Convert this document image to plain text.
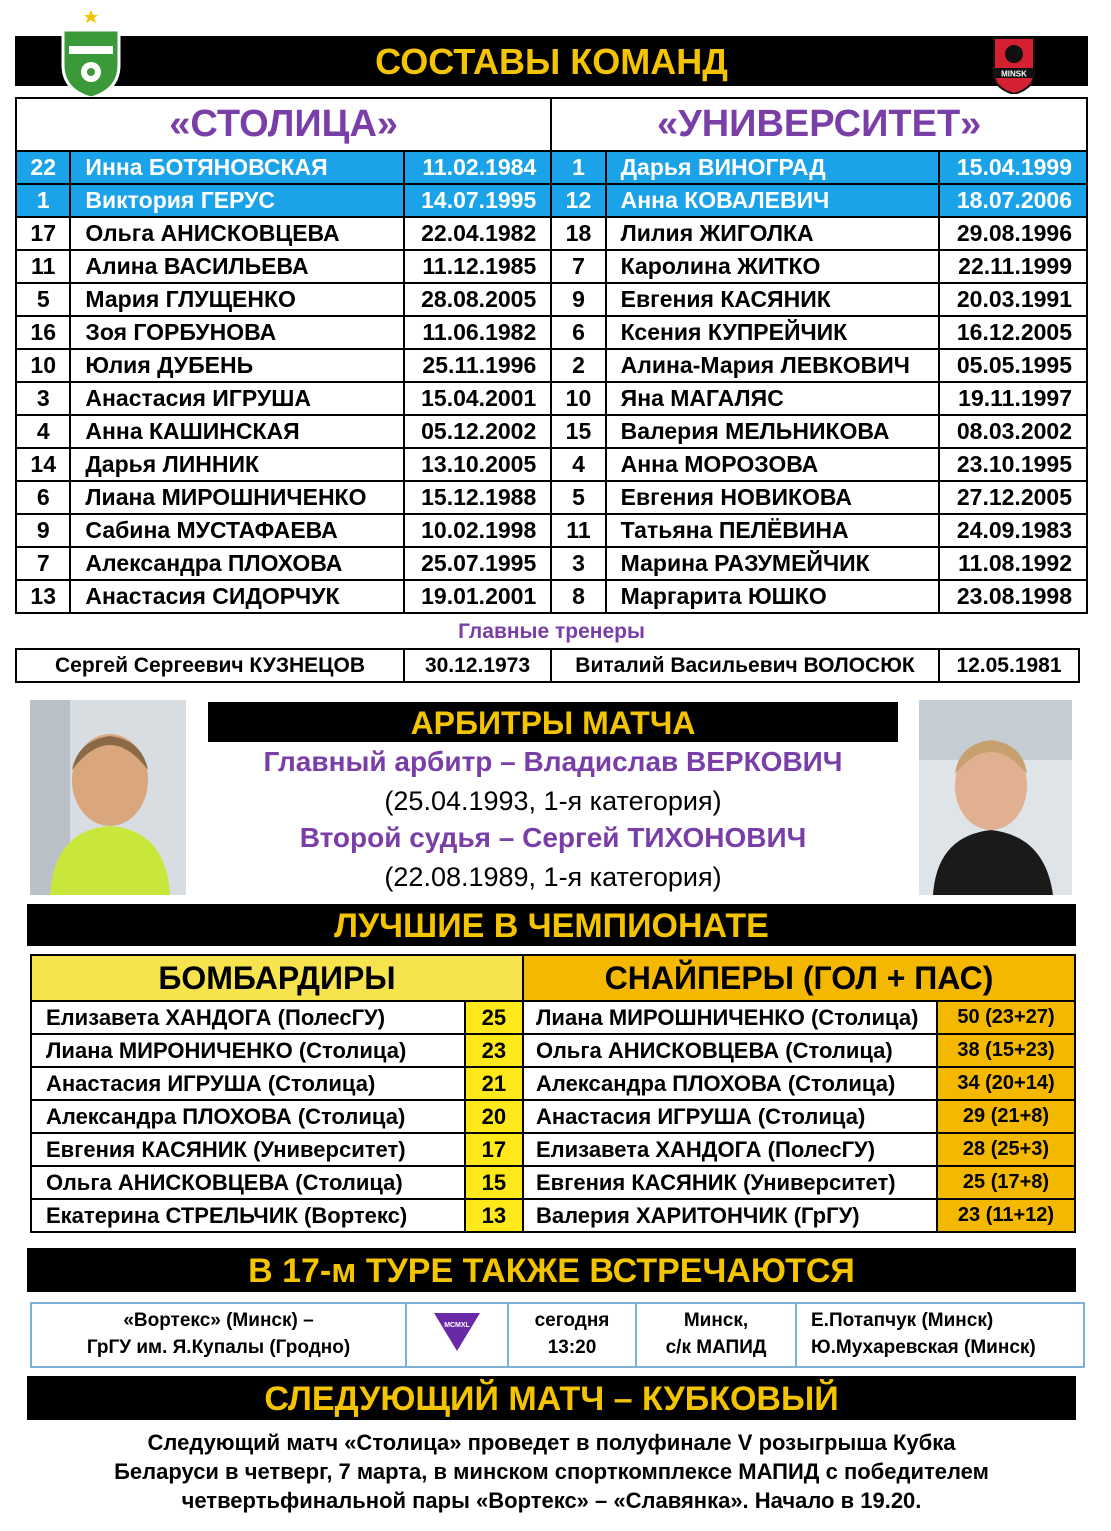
СОСТАВЫ КОМАНД	MINSK
«СТОЛИЦА»			«УНИВЕРСИТЕТ»		
22	Инна БОТЯНОВСКАЯ	11.02.1984	1	Дарья ВИНОГРАД	15.04.1999
1	Виктория ГЕРУС	14.07.1995	12	Анна КОВАЛЕВИЧ	18.07.2006
17	Ольга АНИСКОВЦЕВА	22.04.1982	18	Лилия ЖИГОЛКА	29.08.1996
11	Алина ВАСИЛЬЕВА	11.12.1985	7	Каролина ЖИТКО	22.11.1999
5	Мария ГЛУЩЕНКО	28.08.2005	9	Евгения КАСЯНИК	20.03.1991
16	Зоя ГОРБУНОВА	11.06.1982	6	Ксения КУПРЕЙЧИК	16.12.2005
10	Юлия ДУБЕНЬ	25.11.1996	2	Алина-Мария ЛЕВКОВИЧ	05.05.1995
3	Анастасия ИГРУША	15.04.2001	10	Яна МАГАЛЯС	19.11.1997
4	Анна КАШИНСКАЯ	05.12.2002	15	Валерия МЕЛЬНИКОВА	08.03.2002
14	Дарья ЛИННИК	13.10.2005	4	Анна МОРОЗОВА	23.10.1995
6	Лиана МИРОШНИЧЕНКО	15.12.1988	5	Евгения НОВИКОВА	27.12.2005
9	Сабина МУСТАФАЕВА	10.02.1998	11	Татьяна ПЕЛЁВИНА	24.09.1983
7	Александра ПЛОХОВА	25.07.1995	3	Марина РАЗУМЕЙЧИК	11.08.1992
13	Анастасия СИДОРЧУК	19.01.2001	8	Маргарита ЮШКО	23.08.1998
Главные тренеры
Сергей Сергеевич КУЗНЕЦОВ	30.12.1973	Виталий Васильевич ВОЛОСЮК	12.05.1981
АРБИТРЫ МАТЧА
Главный арбитр – Владислав ВЕРКОВИЧ
(25.04.1993, 1-я категория)
Второй судья – Сергей ТИХОНОВИЧ
(22.08.1989, 1-я категория)
ЛУЧШИЕ В ЧЕМПИОНАТЕ
БОМБАРДИРЫ		СНАЙПЕРЫ (ГОЛ + ПАС)	
Елизавета ХАНДОГА (ПолесГУ)	25	Лиана МИРОШНИЧЕНКО (Столица)	50 (23+27)
Лиана МИРОНИЧЕНКО (Столица)	23	Ольга АНИСКОВЦЕВА (Столица)	38 (15+23)
Анастасия ИГРУША (Столица)	21	Александра ПЛОХОВА (Столица)	34 (20+14)
Александра ПЛОХОВА (Столица)	20	Анастасия ИГРУША (Столица)	29 (21+8)
Евгения КАСЯНИК (Университет)	17	Елизавета ХАНДОГА (ПолесГУ)	28 (25+3)
Ольга АНИСКОВЦЕВА (Столица)	15	Евгения КАСЯНИК (Университет)	25 (17+8)
Екатерина СТРЕЛЬЧИК (Вортекс)	13	Валерия ХАРИТОНЧИК (ГрГУ)	23 (11+12)
В 17-м ТУРЕ ТАКЖЕ ВСТРЕЧАЮТСЯ
«Вортекс» (Минск) –
ГрГУ им. Я.Купалы (Гродно)

МСМХL	сегодня
13:20

Минск,
с/к МАПИД

Е.Потапчук (Минск)
Ю.Мухаревская (Минск)
СЛЕДУЮЩИЙ МАТЧ – КУБКОВЫЙ
Следующий матч «Столица» проведет в полуфинале V розыгрыша Кубка
Беларуси в четверг, 7 марта, в минском спорткомплексе МАПИД с победителем
четвертьфинальной пары «Вортекс» – «Славянка». Начало в 19.20.
